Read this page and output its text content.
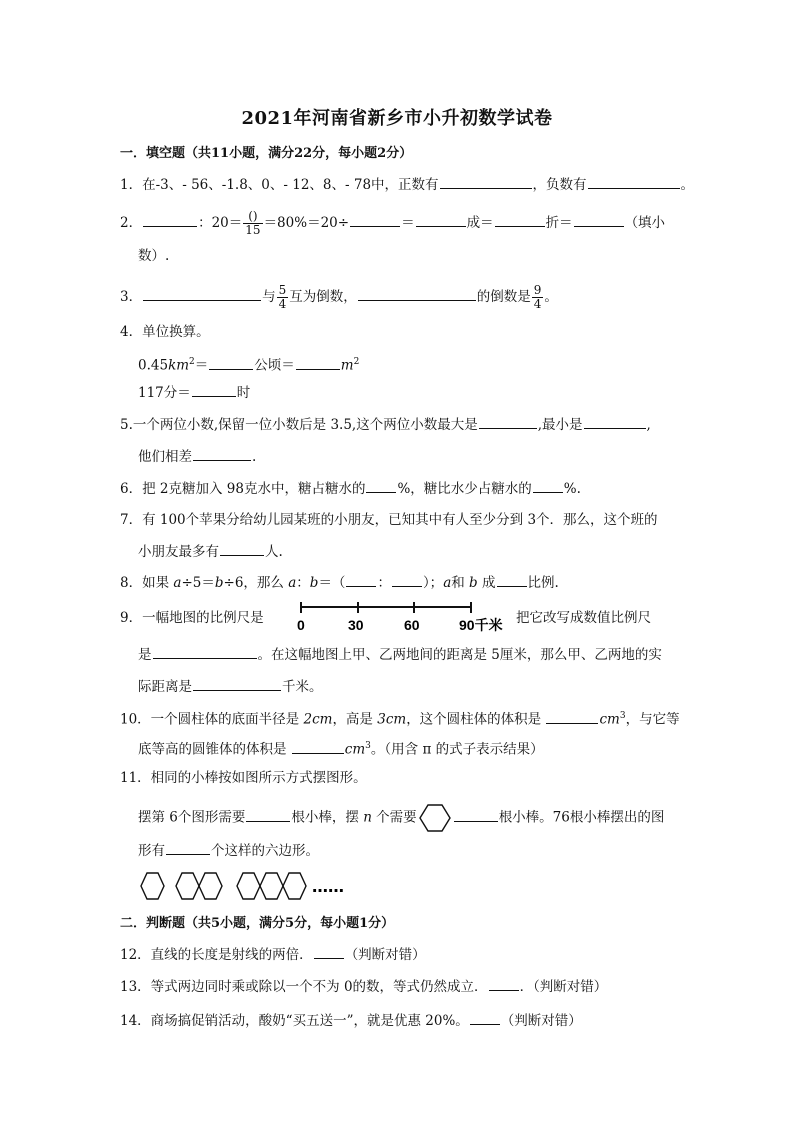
2021年河南省新乡市小升初数学试卷
一．填空题（共11小题，满分22分，每小题2分）
1．在-3、- 56、-1.8、0、- 12、8、- 78中，正数有	，负数有	。
2．	：$20= \frac{()}{15} =80\%=20\div$	＝	成＝	折＝	（填小
数）.
3．	与 $\frac{5}{4}$ 互为倒数，	的倒数是 $\frac{9}{4}$ 。
4．单位换算。
$0.45km^2=$	公顷＝	$m^2$
117分＝	时
5.一个两位小数,保留一位小数后是 3.5,这个两位小数最大是	,最小是	,
他们相差	.
6．把 2克糖加入 98克水中，糖占糖水的 %，糖比水少占糖水的 %.
7．有 100个苹果分给幼儿园某班的小朋友，已知其中有人至少分到 3个．那么，这个班的
小朋友最多有	人.
8．如果 a÷5＝b÷6，那么 a：b＝（ ： ）；a和 b 成 比例.
9．一幅地图的比例尺是	0	30	60	90千米 把它改写成数值比例尺
是	。在这幅地图上甲、乙两地间的距离是 5厘米，那么甲、乙两地的实
际距离是	千米。
10．一个圆柱体的底面半径是 2cm，高是 3cm，这个圆柱体的体积是	$cm^3$，与它等
底等高的圆锥体的体积是	$cm^3$。（用含 π 的式子表示结果）
11．相同的小棒按如图所示方式摆图形。
摆第 6个图形需要	根小棒，摆 n 个需要	根小棒。76根小棒摆出的图
形有	个这样的六边形。
……
二．判断题（共5小题，满分5分，每小题1分）
12．直线的长度是射线的两倍． （判断对错）
13．等式两边同时乘或除以一个不为 0的数，等式仍然成立． ．（判断对错）
14．商场搞促销活动，酸奶“买五送一”，就是优惠 20%。 （判断对错）
